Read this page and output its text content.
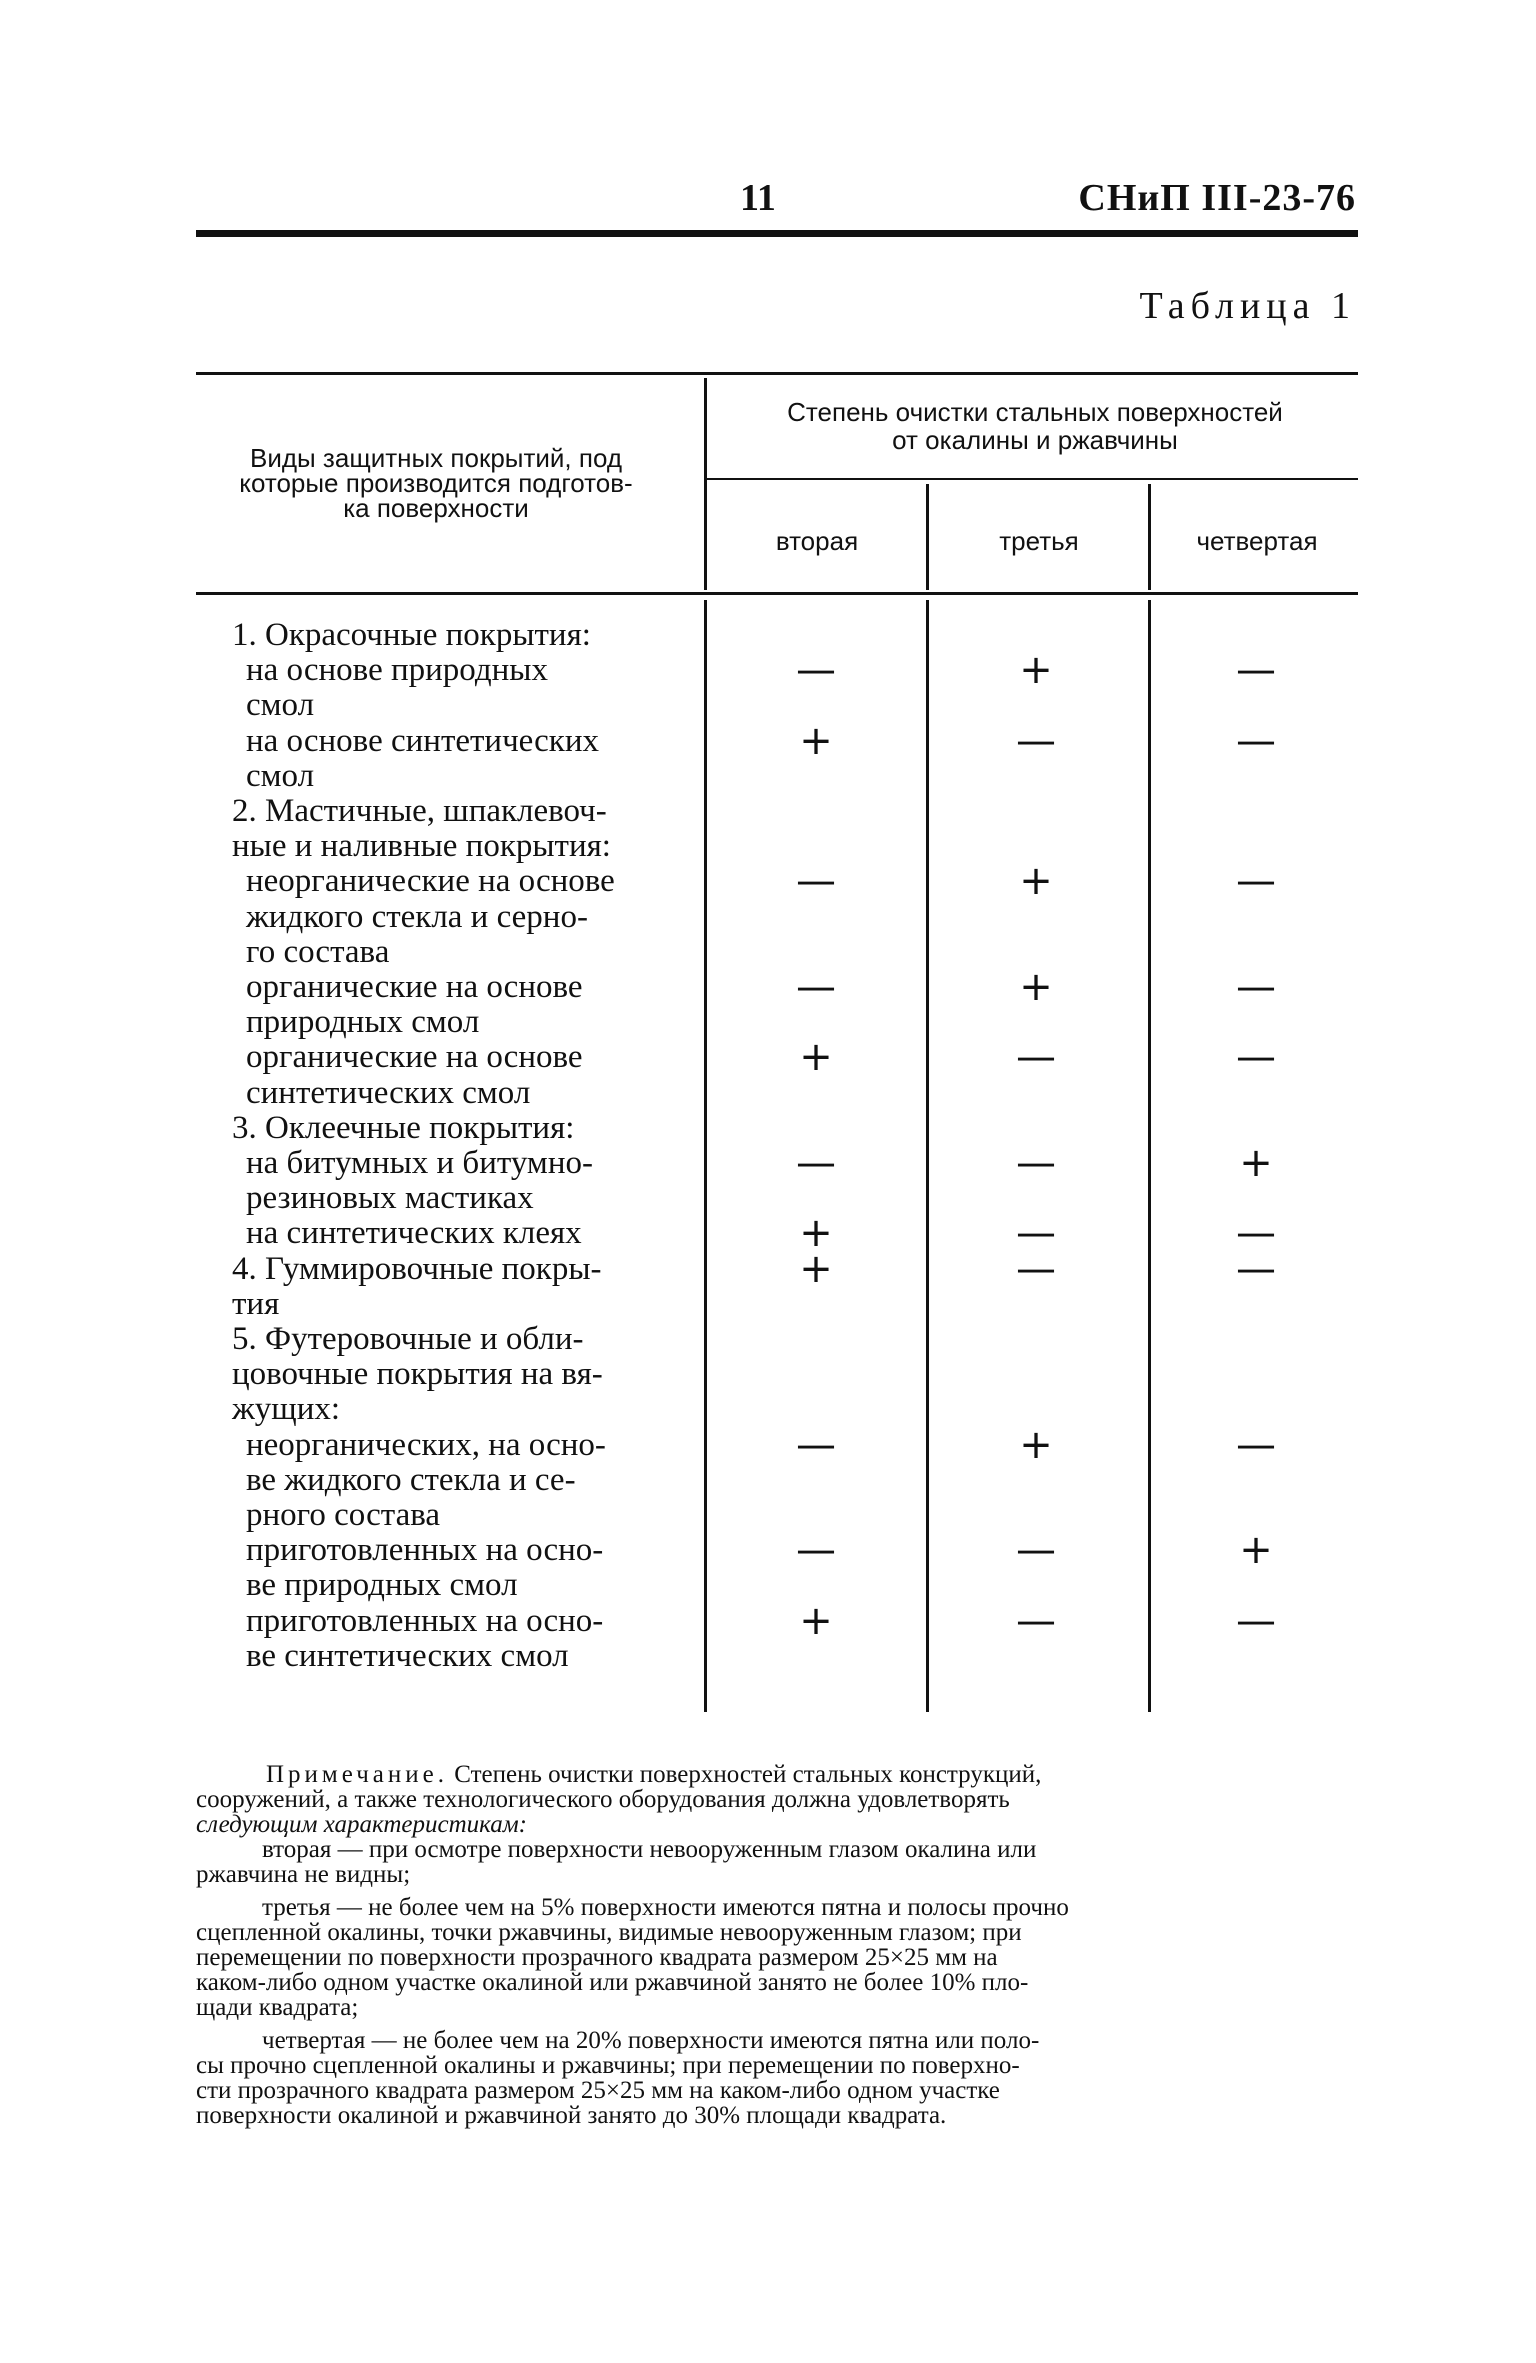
11	СНиП III-23-76
Таблица 1
Виды защитных покрытий, под
которые производится подготов-
ка поверхности
Степень очистки стальных поверхностей
от окалины и ржавчины
вторая	третья	четвертая
1. Окрасочные покрытия:
на основе природных	—	+	—
смол
на основе синтетических	+	—	—
смол
2. Мастичные, шпаклевоч-
ные и наливные покрытия:
неорганические на основе	—	+	—
жидкого стекла и серно-
го состава
органические на основе	—	+	—
природных смол
органические на основе	+	—	—
синтетических смол
3. Оклеечные покрытия:
на битумных и битумно-	—	—	+
резиновых мастиках
на синтетических клеях	+	—	—
4. Гуммировочные покры-	+	—	—
тия
5. Футеровочные и обли-
цовочные покрытия на вя-
жущих:
неорганических, на осно-	—	+	—
ве жидкого стекла и се-
рного состава
приготовленных на осно-	—	—	+
ве природных смол
приготовленных на осно-	+	—	—
ве синтетических смол
Примечание. Степень очистки поверхностей стальных конструкций,
сооружений, а также технологического оборудования должна удовлетворять
следующим характеристикам:
вторая — при осмотре поверхности невооруженным глазом окалина или
ржавчина не видны;
третья — не более чем на 5% поверхности имеются пятна и полосы прочно
сцепленной окалины, точки ржавчины, видимые невооруженным глазом; при
перемещении по поверхности прозрачного квадрата размером 25×25 мм на
каком-либо одном участке окалиной или ржавчиной занято не более 10% пло-
щади квадрата;
четвертая — не более чем на 20% поверхности имеются пятна или поло-
сы прочно сцепленной окалины и ржавчины; при перемещении по поверхно-
сти прозрачного квадрата размером 25×25 мм на каком-либо одном участке
поверхности окалиной и ржавчиной занято до 30% площади квадрата.
